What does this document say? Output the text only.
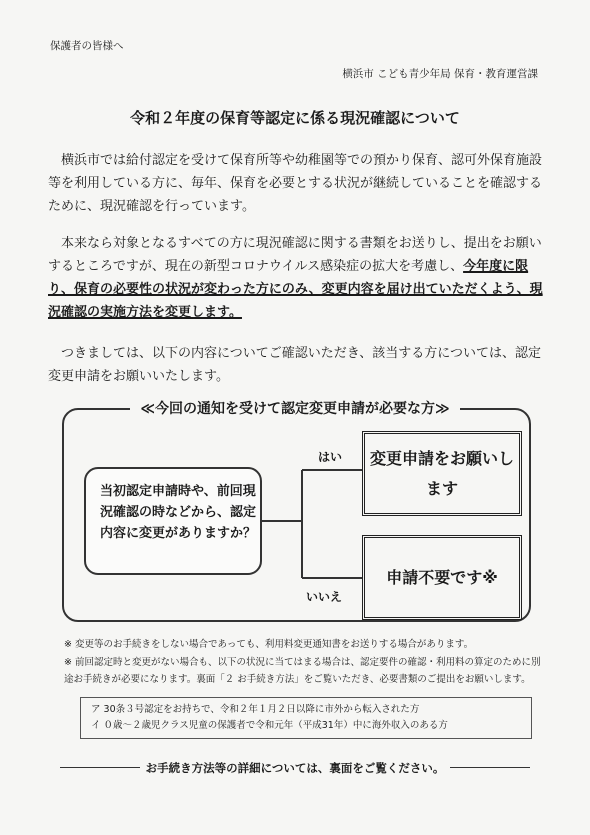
保護者の皆様へ
横浜市 こども青少年局 保育・教育運営課
令和２年度の保育等認定に係る現況確認について
横浜市では給付認定を受けて保育所等や幼稚園等での預かり保育、認可外保育施設等を利用している方に、毎年、保育を必要とする状況が継続していることを確認するために、現況確認を行っています。
本来なら対象となるすべての方に現況確認に関する書類をお送りし、提出をお願いするところですが、現在の新型コロナウイルス感染症の拡大を考慮し、今年度に限り、保育の必要性の状況が変わった方にのみ、変更内容を届け出ていただくよう、現況確認の実施方法を変更します。
つきましては、以下の内容についてご確認いただき、該当する方については、認定変更申請をお願いいたします。
≪今回の通知を受けて認定変更申請が必要な方≫
当初認定申請時や、前回現況確認の時などから、認定内容に変更がありますか？
はい
いいえ
変更申請をお願いします
申請不要です※
※ 変更等のお手続きをしない場合であっても、利用料変更通知書をお送りする場合があります。
※ 前回認定時と変更がない場合も、以下の状況に当てはまる場合は、認定要件の確認・利用料の算定のために別途お手続きが必要になります。裏面「２ お手続き方法」をご覧いただき、必要書類のご提出をお願いします。
ア 30条３号認定をお持ちで、令和２年１月２日以降に市外から転入された方
イ ０歳～２歳児クラス児童の保護者で令和元年（平成31年）中に海外収入のある方
お手続き方法等の詳細については、裏面をご覧ください。
